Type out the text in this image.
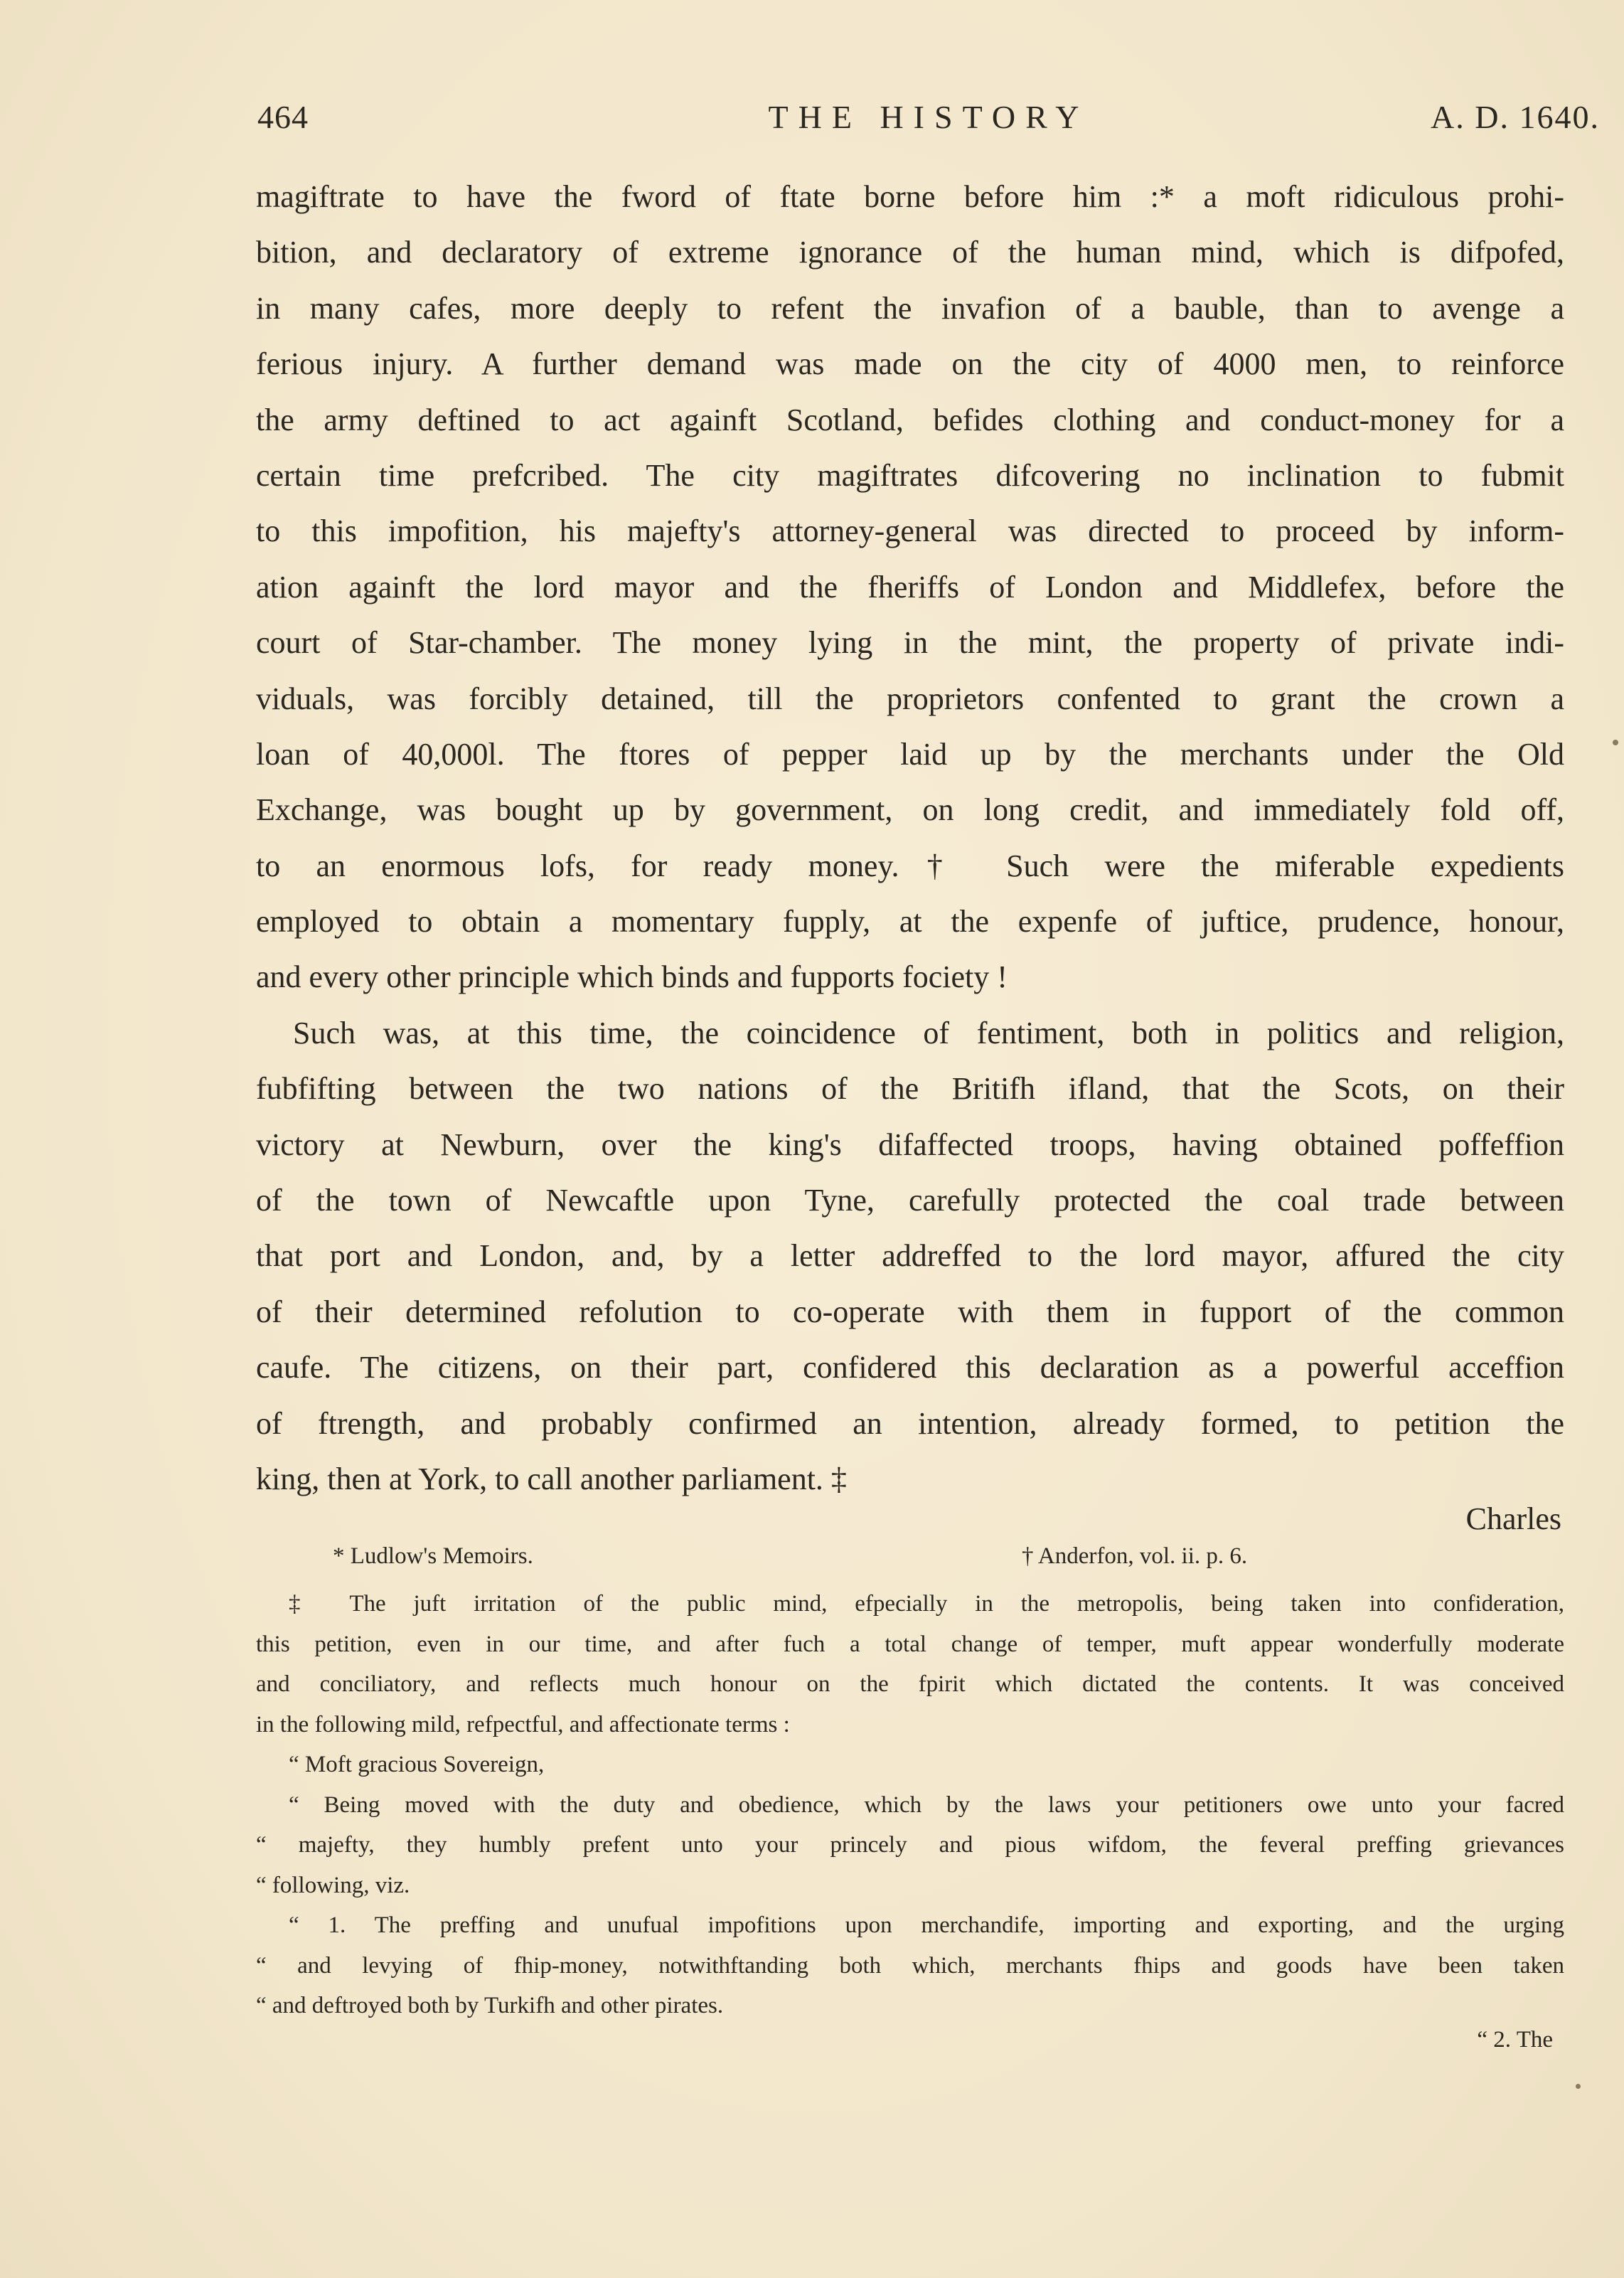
464	THE HISTORY	A. D. 1640.
magiftrate to have the fword of ftate borne before him :* a moft ridiculous prohi-
bition, and declaratory of extreme ignorance of the human mind, which is difpofed,
in many cafes, more deeply to refent the invafion of a bauble, than to avenge a
ferious injury. A further demand was made on the city of 4000 men, to reinforce
the army deftined to act againft Scotland, befides clothing and conduct-money for a
certain time prefcribed. The city magiftrates difcovering no inclination to fubmit
to this impofition, his majefty's attorney-general was directed to proceed by inform-
ation againft the lord mayor and the fheriffs of London and Middlefex, before the
court of Star-chamber. The money lying in the mint, the property of private indi-
viduals, was forcibly detained, till the proprietors confented to grant the crown a
loan of 40,000l. The ftores of pepper laid up by the merchants under the Old
Exchange, was bought up by government, on long credit, and immediately fold off,
to an enormous lofs, for ready money.† Such were the miferable expedients
employed to obtain a momentary fupply, at the expenfe of juftice, prudence, honour,
and every other principle which binds and fupports fociety !
Such was, at this time, the coincidence of fentiment, both in politics and religion,
fubfifting between the two nations of the Britifh ifland, that the Scots, on their
victory at Newburn, over the king's difaffected troops, having obtained poffeffion
of the town of Newcaftle upon Tyne, carefully protected the coal trade between
that port and London, and, by a letter addreffed to the lord mayor, affured the city
of their determined refolution to co-operate with them in fupport of the common
caufe. The citizens, on their part, confidered this declaration as a powerful acceffion
of ftrength, and probably confirmed an intention, already formed, to petition the
king, then at York, to call another parliament. ‡
Charles
* Ludlow's Memoirs.	† Anderfon, vol. ii. p. 6.
‡ The juft irritation of the public mind, efpecially in the metropolis, being taken into confideration,
this petition, even in our time, and after fuch a total change of temper, muft appear wonderfully moderate
and conciliatory, and reflects much honour on the fpirit which dictated the contents. It was conceived
in the following mild, refpectful, and affectionate terms :
“ Moft gracious Sovereign,
“ Being moved with the duty and obedience, which by the laws your petitioners owe unto your facred
“ majefty, they humbly prefent unto your princely and pious wifdom, the feveral preffing grievances
“ following, viz.
“ 1. The preffing and unufual impofitions upon merchandife, importing and exporting, and the urging
“ and levying of fhip-money, notwithftanding both which, merchants fhips and goods have been taken
“ and deftroyed both by Turkifh and other pirates.
“ 2. The
